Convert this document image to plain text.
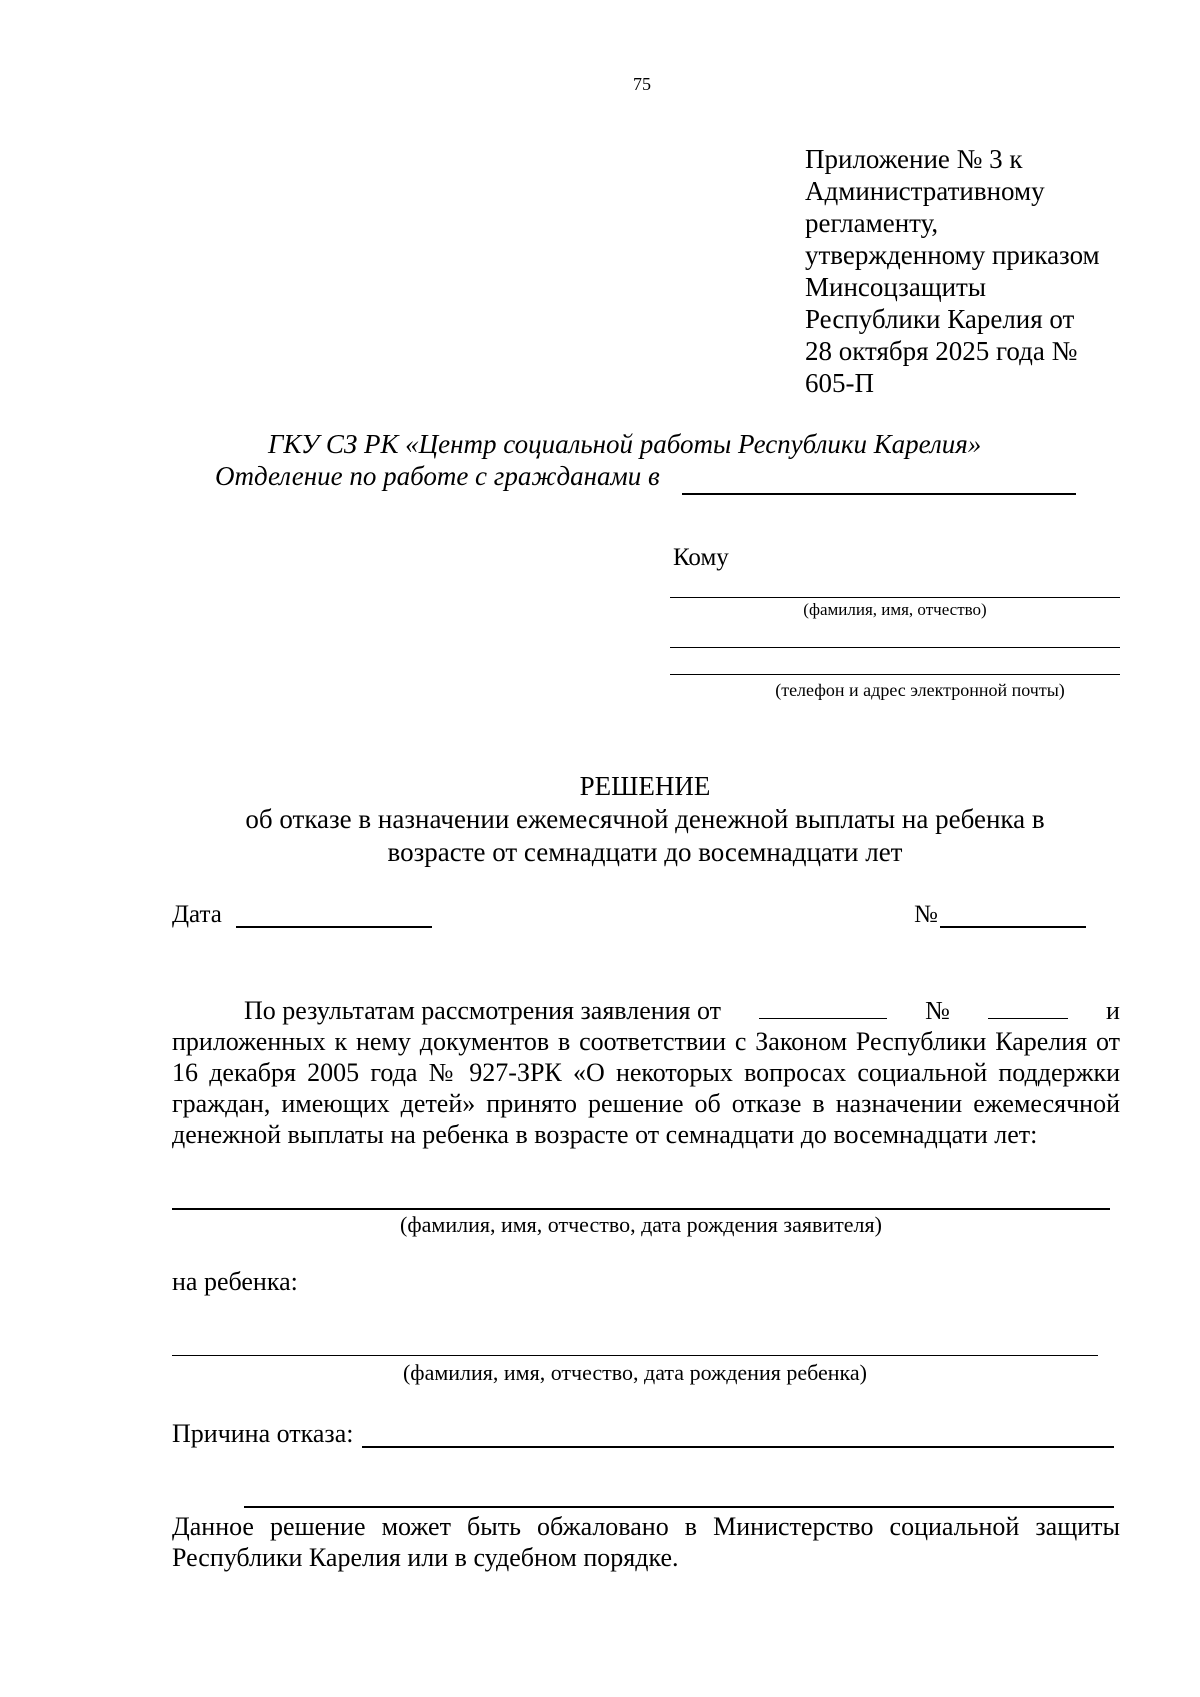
75
Приложение № 3 к
Административному
регламенту,
утвержденному приказом
Минсоцзащиты
Республики Карелия от
28 октября 2025 года №
605-П
ГКУ СЗ РК «Центр социальной работы Республики Карелия»
Отделение по работе с гражданами в
Кому
(фамилия, имя, отчество)
(телефон и адрес электронной почты)
РЕШЕНИЕ
об отказе в назначении ежемесячной денежной выплаты на ребенка в
возрасте от семнадцати до восемнадцати лет
Дата	№
По результатам рассмотрения заявления от	№	и
приложенных к нему документов в соответствии с Законом Республики Карелия от 16 декабря 2005 года № 927-ЗРК «О некоторых вопросах социальной поддержки граждан, имеющих детей» принято решение об отказе в назначении ежемесячной денежной выплаты на ребенка в возрасте от семнадцати до восемнадцати лет:
(фамилия, имя, отчество, дата рождения заявителя)
на ребенка:
(фамилия, имя, отчество, дата рождения ребенка)
Причина отказа:
Данное решение может быть обжаловано в Министерство социальной защиты Республики Карелия или в судебном порядке.
